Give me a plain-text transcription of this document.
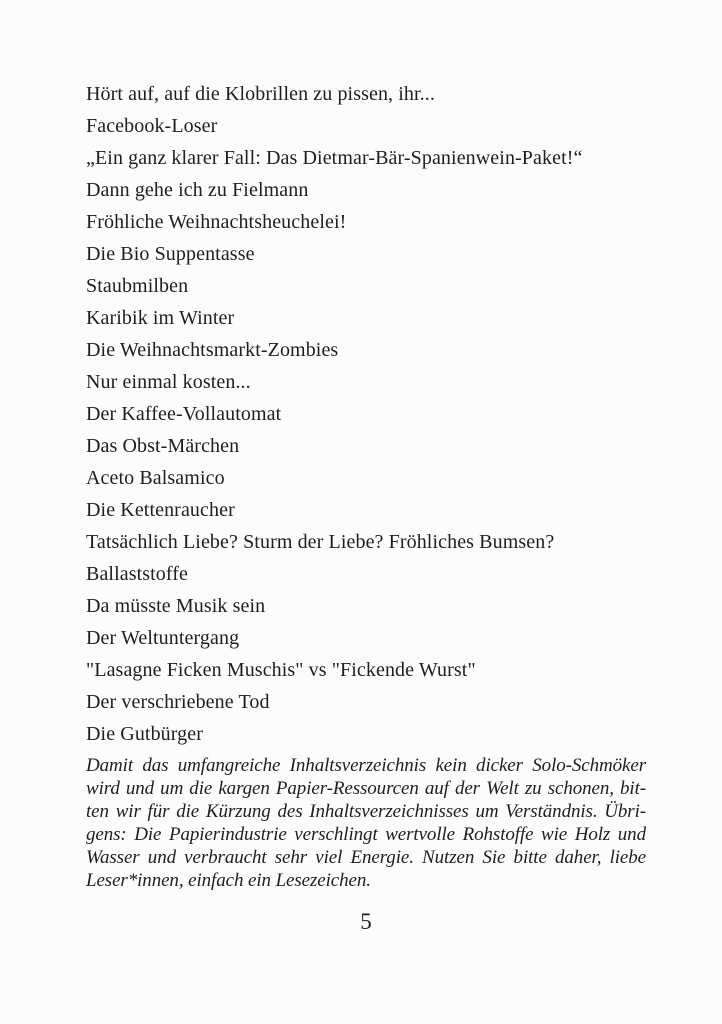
Hört auf, auf die Klobrillen zu pissen, ihr...
Facebook-Loser
„Ein ganz klarer Fall: Das Dietmar-Bär-Spanienwein-Paket!“
Dann gehe ich zu Fielmann
Fröhliche Weihnachtsheuchelei!
Die Bio Suppentasse
Staubmilben
Karibik im Winter
Die Weihnachtsmarkt-Zombies
Nur einmal kosten...
Der Kaffee-Vollautomat
Das Obst-Märchen
Aceto Balsamico
Die Kettenraucher
Tatsächlich Liebe? Sturm der Liebe? Fröhliches Bumsen?
Ballaststoffe
Da müsste Musik sein
Der Weltuntergang
"Lasagne Ficken Muschis" vs "Fickende Wurst"
Der verschriebene Tod
Die Gutbürger
Damit das umfangreiche Inhaltsverzeichnis kein dicker Solo-Schmöker
wird und um die kargen Papier-Ressourcen auf der Welt zu schonen, bit-
ten wir für die Kürzung des Inhaltsverzeichnisses um Verständnis. Übri-
gens: Die Papierindustrie verschlingt wertvolle Rohstoffe wie Holz und
Wasser und verbraucht sehr viel Energie. Nutzen Sie bitte daher, liebe
Leser*innen, einfach ein Lesezeichen.
5
